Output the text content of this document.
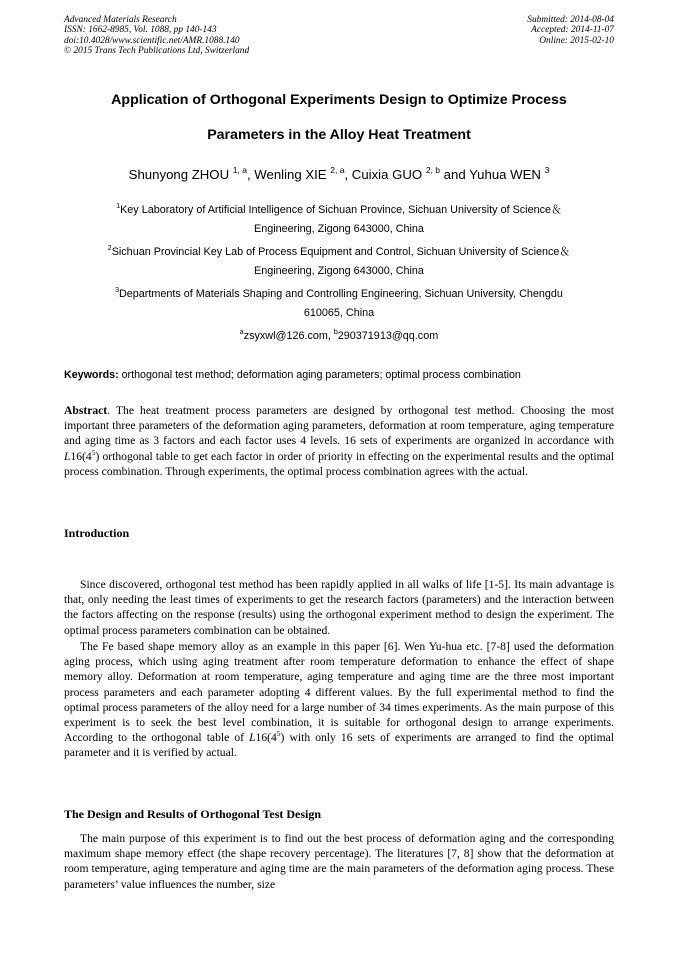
Advanced Materials Research
ISSN: 1662-8985, Vol. 1088, pp 140-143
doi:10.4028/www.scientific.net/AMR.1088.140
© 2015 Trans Tech Publications Ltd, Switzerland
Submitted: 2014-08-04
Accepted: 2014-11-07
Online: 2015-02-10
Application of Orthogonal Experiments Design to Optimize Process
Parameters in the Alloy Heat Treatment
Shunyong ZHOU $^{1, a}$, Wenling XIE $^{2, a}$, Cuixia GUO $^{2, b}$ and Yuhua WEN $^3$
$^1$Key Laboratory of Artificial Intelligence of Sichuan Province, Sichuan University of Science＆
Engineering, Zigong 643000, China
$^2$Sichuan Provincial Key Lab of Process Equipment and Control, Sichuan University of Science＆
Engineering, Zigong 643000, China
$^3$Departments of Materials Shaping and Controlling Engineering, Sichuan University, Chengdu
610065, China
$^a$zsyxwl@126.com, $^b$290371913@qq.com
Keywords: orthogonal test method; deformation aging parameters; optimal process combination
Abstract. The heat treatment process parameters are designed by orthogonal test method. Choosing the most important three parameters of the deformation aging parameters, deformation at room temperature, aging temperature and aging time as 3 factors and each factor uses 4 levels. 16 sets of experiments are organized in accordance with $L16(4^5)$ orthogonal table to get each factor in order of priority in effecting on the experimental results and the optimal process combination. Through experiments, the optimal process combination agrees with the actual.
Introduction
Since discovered, orthogonal test method has been rapidly applied in all walks of life [1-5]. Its main advantage is that, only needing the least times of experiments to get the research factors (parameters) and the interaction between the factors affecting on the response (results) using the orthogonal experiment method to design the experiment. The optimal process parameters combination can be obtained.
The Fe based shape memory alloy as an example in this paper [6]. Wen Yu-hua etc. [7-8] used the deformation aging process, which using aging treatment after room temperature deformation to enhance the effect of shape memory alloy. Deformation at room temperature, aging temperature and aging time are the three most important process parameters and each parameter adopting 4 different values. By the full experimental method to find the optimal process parameters of the alloy need for a large number of 34 times experiments. As the main purpose of this experiment is to seek the best level combination, it is suitable for orthogonal design to arrange experiments. According to the orthogonal table of $L16(4^5)$ with only 16 sets of experiments are arranged to find the optimal parameter and it is verified by actual.
The Design and Results of Orthogonal Test Design
The main purpose of this experiment is to find out the best process of deformation aging and the corresponding maximum shape memory effect (the shape recovery percentage). The literatures [7, 8] show that the deformation at room temperature, aging temperature and aging time are the main parameters of the deformation aging process. These parameters’ value influences the number, size
